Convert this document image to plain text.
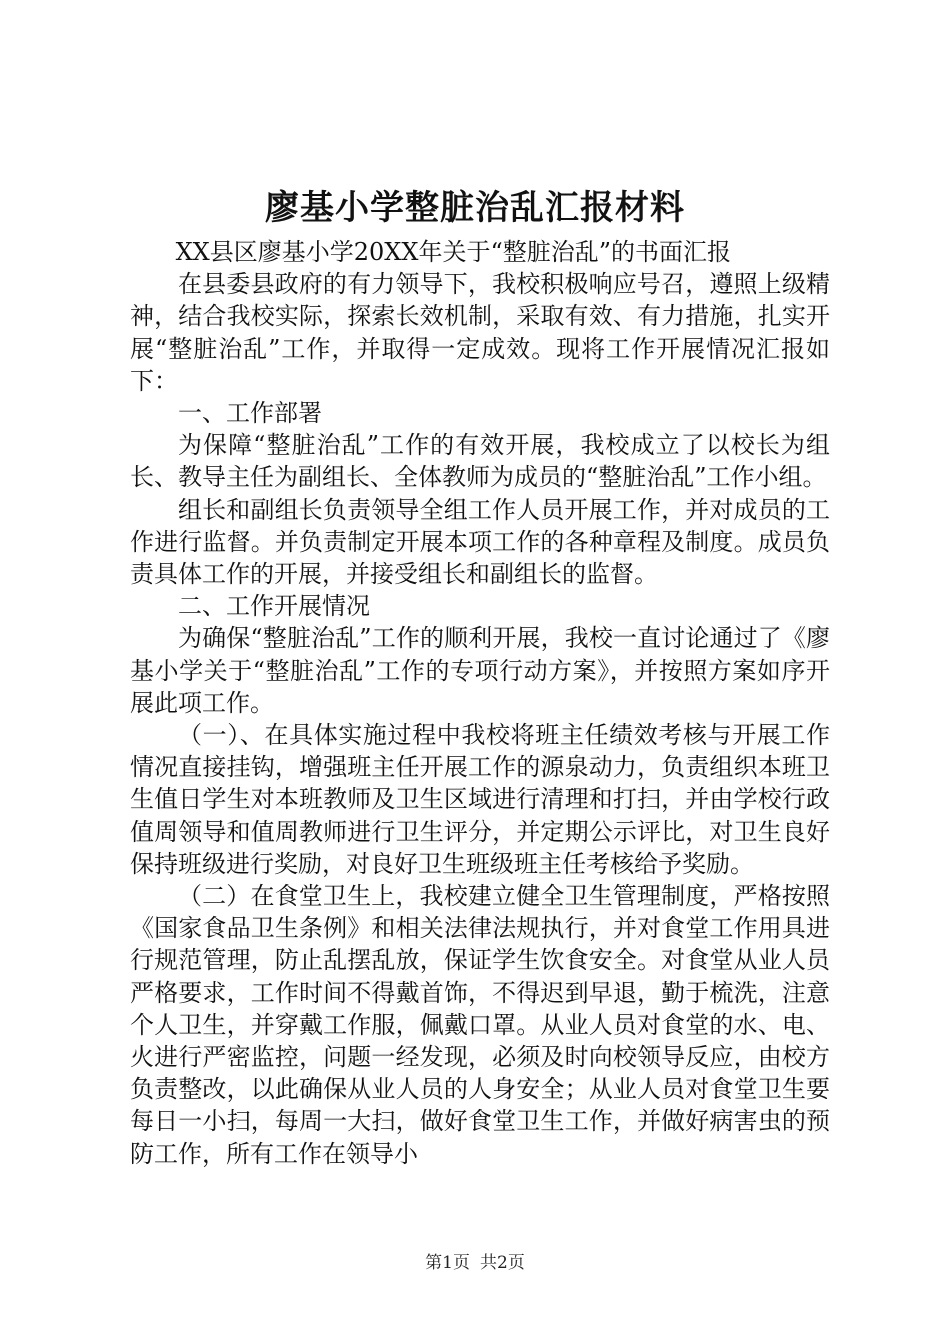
廖基小学整脏治乱汇报材料

XX县区廖基小学20XX年关于“整脏治乱”的书面汇报

在县委县政府的有力领导下，我校积极响应号召，遵照上级精神，结合我校实际，探索长效机制，采取有效、有力措施，扎实开展“整脏治乱”工作，并取得一定成效。现将工作开展情况汇报如下：

一、工作部署

为保障“整脏治乱”工作的有效开展，我校成立了以校长为组长、教导主任为副组长、全体教师为成员的“整脏治乱”工作小组。

组长和副组长负责领导全组工作人员开展工作，并对成员的工作进行监督。并负责制定开展本项工作的各种章程及制度。成员负责具体工作的开展，并接受组长和副组长的监督。

二、工作开展情况

为确保“整脏治乱”工作的顺利开展，我校一直讨论通过了《廖基小学关于“整脏治乱”工作的专项行动方案》，并按照方案如序开展此项工作。

（一）、在具体实施过程中我校将班主任绩效考核与开展工作情况直接挂钩，增强班主任开展工作的源泉动力，负责组织本班卫生值日学生对本班教师及卫生区域进行清理和打扫，并由学校行政值周领导和值周教师进行卫生评分，并定期公示评比，对卫生良好保持班级进行奖励，对良好卫生班级班主任考核给予奖励。

（二）在食堂卫生上，我校建立健全卫生管理制度，严格按照《国家食品卫生条例》和相关法律法规执行，并对食堂工作用具进行规范管理，防止乱摆乱放，保证学生饮食安全。对食堂从业人员严格要求，工作时间不得戴首饰，不得迟到早退，勤于梳洗，注意个人卫生，并穿戴工作服，佩戴口罩。从业人员对食堂的水、电、火进行严密监控，问题一经发现，必须及时向校领导反应，由校方负责整改，以此确保从业人员的人身安全；从业人员对食堂卫生要每日一小扫，每周一大扫，做好食堂卫生工作，并做好病害虫的预防工作，所有工作在领导小

第1页 共2页
